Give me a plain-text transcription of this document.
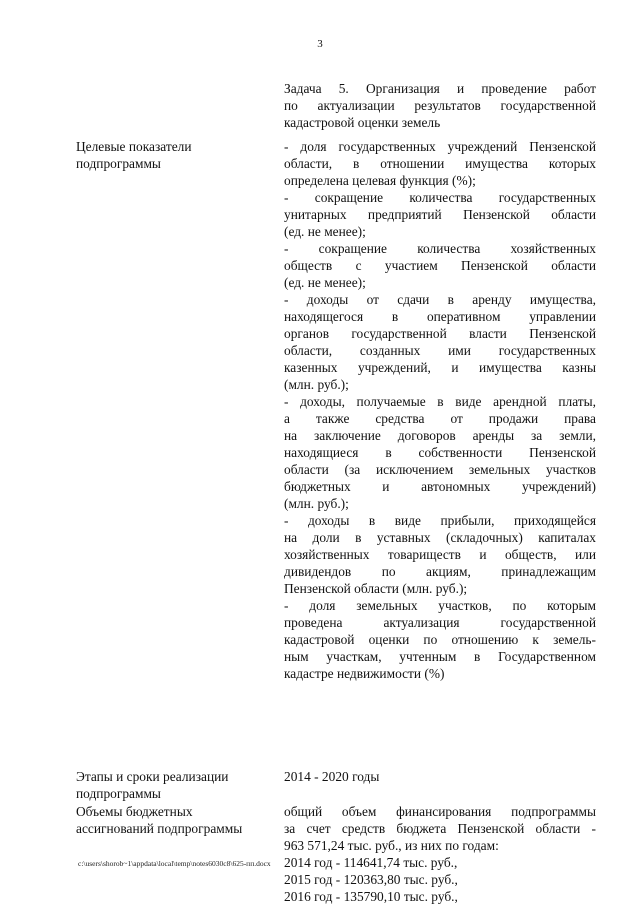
3
Задача 5. Организация и проведение работ
по актуализации результатов государственной
кадастровой оценки земель
Целевые показатели
подпрограммы
- доля государственных учреждений Пензенской
области, в отношении имущества которых
определена целевая функция (%);
- сокращение количества государственных
унитарных предприятий Пензенской области
(ед. не менее);
- сокращение количества хозяйственных
обществ с участием Пензенской области
(ед. не менее);
- доходы от сдачи в аренду имущества,
находящегося в оперативном управлении
органов государственной власти Пензенской
области, созданных ими государственных
казенных учреждений, и имущества казны
(млн. руб.);
- доходы, получаемые в виде арендной платы,
а также средства от продажи права
на заключение договоров аренды за земли,
находящиеся в собственности Пензенской
области (за исключением земельных участков
бюджетных и автономных учреждений)
(млн. руб.);
- доходы в виде прибыли, приходящейся
на доли в уставных (складочных) капиталах
хозяйственных товариществ и обществ, или
дивидендов по акциям, принадлежащим
Пензенской области (млн. руб.);
- доля земельных участков, по которым
проведена актуализация государственной
кадастровой оценки по отношению к земель-
ным участкам, учтенным в Государственном
кадастре недвижимости (%)
Этапы и сроки реализации
подпрограммы
2014 - 2020 годы
Объемы бюджетных
ассигнований подпрограммы
общий объем финансирования подпрограммы
за счет средств бюджета Пензенской области -
963 571,24 тыс. руб., из них по годам:
2014 год - 114641,74 тыс. руб.,
2015 год - 120363,80 тыс. руб.,
2016 год - 135790,10 тыс. руб.,
c:\users\shorob~1\appdata\local\temp\notes6030c8\625-пп.docx
